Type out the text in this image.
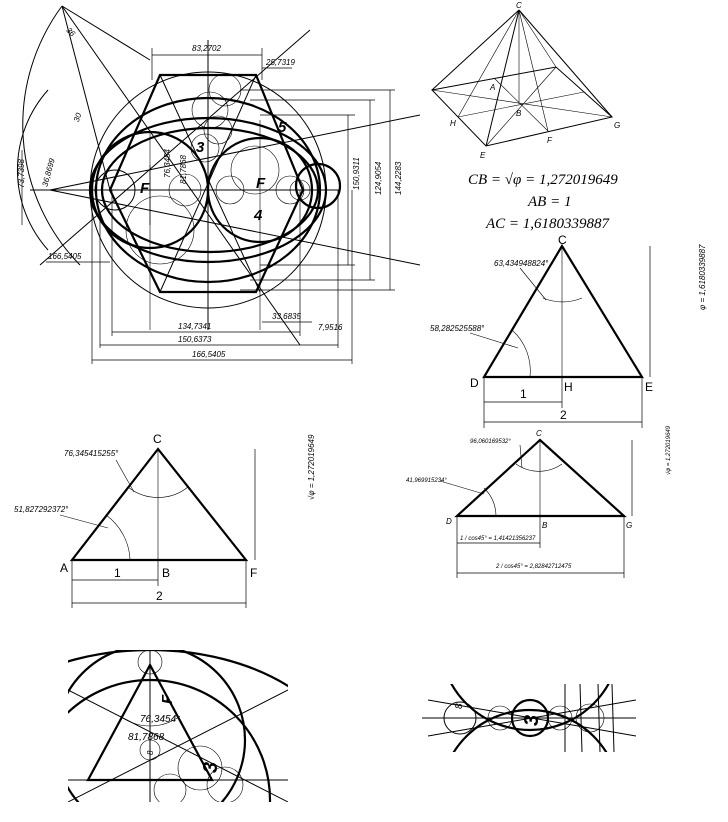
83,2702
25,7319
36
30
73,7398 36,8699
166,5405
150,9311 124,9054 144,2283
134,7341
150,6373
166,5405
33,6835
7,9516
76,3454 81,7868
F	F
3
4
5
C
A
B
H
E
F
G
CB = √φ = 1,272019649
AB = 1
AC = 1,6180339887
C
D	H	E
63,434948824°
58,282525588°
φ = 1,6180339887
1
2
C
A	B	F
76,345415255°
51,827292372°
√φ = 1,272019649
1
2
C
D	B	G
96,060169532°
41,969915234°
√φ = 1,272019649
1 / cos45° = 1,41421356237
2 / cos45° = 2,82842712475
F
76,3454
81,7868
3
8
3
8
